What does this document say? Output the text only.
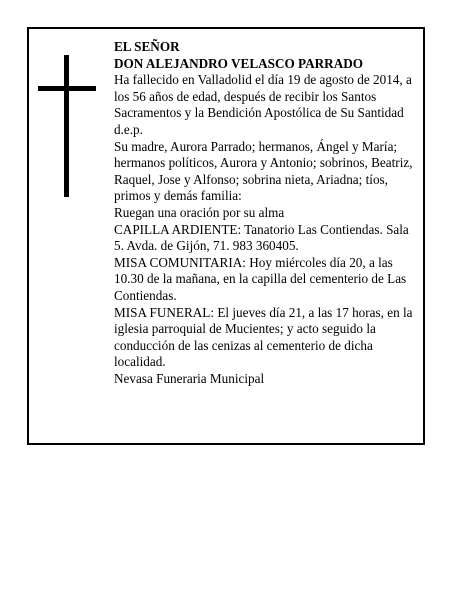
EL SEÑOR

DON ALEJANDRO VELASCO PARRADO

Ha fallecido en Valladolid el día 19 de agosto de 2014, a los 56 años de edad, después de recibir los Santos Sacramentos y la Bendición Apostólica de Su Santidad d.e.p.

Su madre, Aurora Parrado; hermanos, Ángel y María; hermanos políticos, Aurora y Antonio; sobrinos, Beatriz, Raquel, Jose y Alfonso; sobrina nieta, Ariadna; tíos, primos y demás familia:

Ruegan una oración por su alma

CAPILLA ARDIENTE: Tanatorio Las Contiendas. Sala 5. Avda. de Gijón, 71. 983 360405.

MISA COMUNITARIA: Hoy miércoles día 20, a las 10.30 de la mañana, en la capilla del cementerio de Las Contiendas.

MISA FUNERAL: El jueves día 21, a las 17 horas, en la iglesia parroquial de Mucientes; y acto seguido la conducción de las cenizas al cementerio de dicha localidad.

Nevasa Funeraria Municipal
